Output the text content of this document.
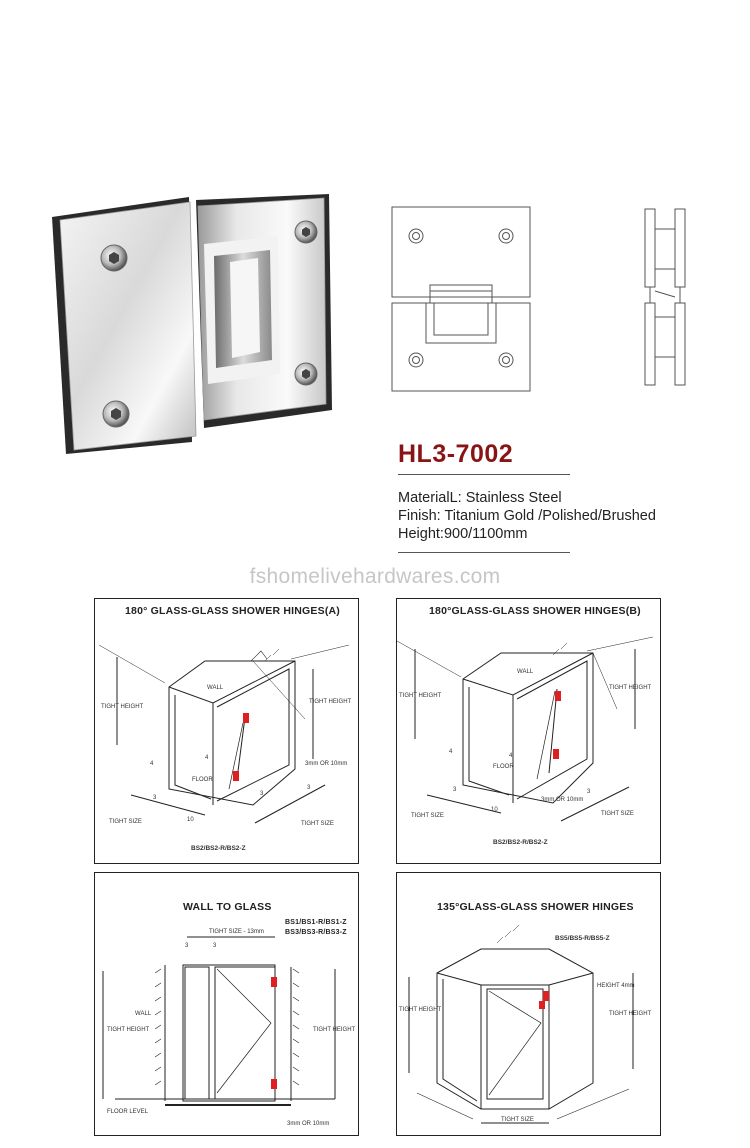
HL3-7002
MaterialL: Stainless Steel
Finish: Titanium Gold /Polished/Brushed
Height:900/1100mm
fshomelivehardwares.com
180° GLASS-GLASS SHOWER HINGES(A)
WALL
TIGHT HEIGHT
TIGHT HEIGHT
FLOOR
3mm OR 10mm
TIGHT SIZE	TIGHT SIZE
BS2/BS2-R/BS2-Z
4
4
3
3
3
10
180°GLASS-GLASS SHOWER HINGES(B)
WALL
TIGHT HEIGHT
TIGHT HEIGHT
FLOOR
3mm OR 10mm
TIGHT SIZE	TIGHT SIZE
BS2/BS2-R/BS2-Z
4
4
3	3
10
WALL TO GLASS
BS1/BS1-R/BS1-Z
BS3/BS3-R/BS3-Z
TIGHT SIZE - 13mm
3	3
WALL
TIGHT HEIGHT	TIGHT HEIGHT
FLOOR LEVEL
3mm OR 10mm
135°GLASS-GLASS SHOWER HINGES
BS5/BS5-R/BS5-Z
TIGHT HEIGHT
TIGHT HEIGHT
HEIGHT 4mm
TIGHT SIZE
